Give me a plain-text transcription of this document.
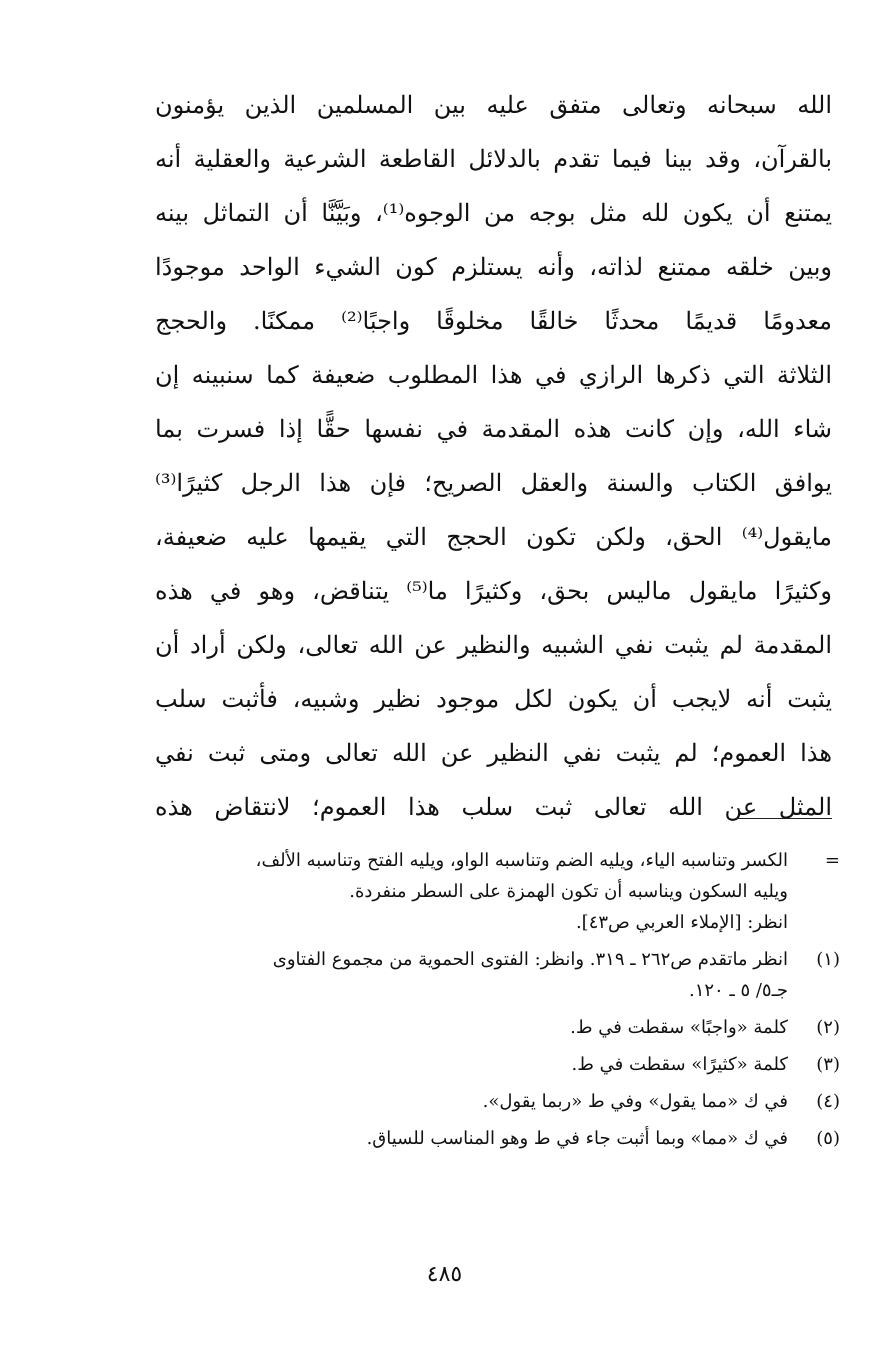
الله سبحانه وتعالى متفق عليه بين المسلمين الذين يؤمنون
بالقرآن، وقد بينا فيما تقدم بالدلائل القاطعة الشرعية والعقلية أنه
يمتنع أن يكون لله مثل بوجه من الوجوه⁽¹⁾، وبَيَّنَّا أن التماثل بينه
وبين خلقه ممتنع لذاته، وأنه يستلزم كون الشيء الواحد موجودًا
معدومًا قديمًا محدثًا خالقًا مخلوقًا واجبًا⁽²⁾ ممكنًا. والحجج
الثلاثة التي ذكرها الرازي في هذا المطلوب ضعيفة كما سنبينه إن
شاء الله، وإن كانت هذه المقدمة في نفسها حقًّا إذا فسرت بما
يوافق الكتاب والسنة والعقل الصريح؛ فإن هذا الرجل كثيرًا⁽³⁾
مايقول⁽⁴⁾ الحق، ولكن تكون الحجج التي يقيمها عليه ضعيفة،
وكثيرًا مايقول ماليس بحق، وكثيرًا ما⁽⁵⁾ يتناقض، وهو في هذه
المقدمة لم يثبت نفي الشبيه والنظير عن الله تعالى، ولكن أراد أن
يثبت أنه لايجب أن يكون لكل موجود نظير وشبيه، فأثبت سلب
هذا العموم؛ لم يثبت نفي النظير عن الله تعالى ومتى ثبت نفي
المثل عن الله تعالى ثبت سلب هذا العموم؛ لانتقاض هذه
=
الكسر وتناسبه الياء، ويليه الضم وتناسبه الواو، ويليه الفتح وتناسبه الألف،
ويليه السكون ويناسبه أن تكون الهمزة على السطر منفردة.
انظر: [الإملاء العربي ص٤٣].
(١)
انظر ماتقدم ص٢٦٢ ـ ٣١٩. وانظر: الفتوى الحموية من مجموع الفتاوى
جـ٥/ ٥ ـ ١٢٠.
(٢)
كلمة «واجبًا» سقطت في ط.
(٣)
كلمة «كثيرًا» سقطت في ط.
(٤)
في ك «مما يقول» وفي ط «ربما يقول».
(٥)
في ك «مما» وبما أثبت جاء في ط وهو المناسب للسياق.
٤٨٥
